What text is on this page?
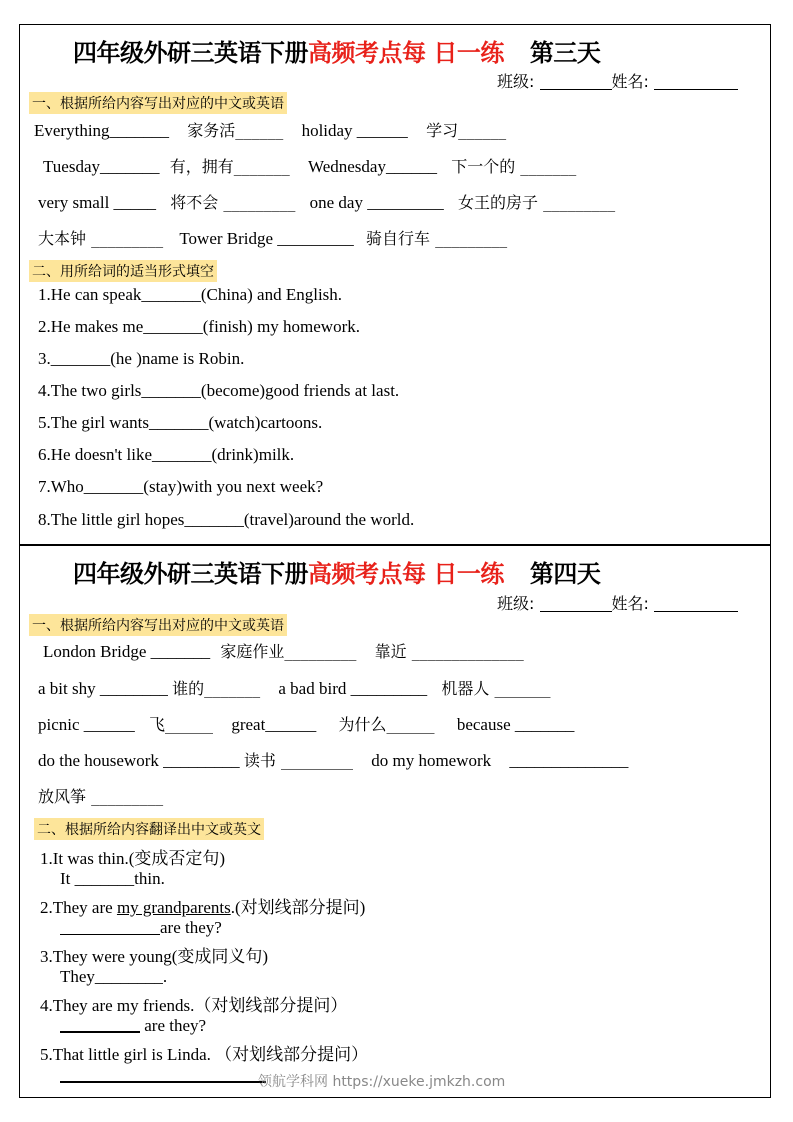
四年级外研三英语下册高频考点每 日一练 第三天
班级:	姓名:
一、根据所给内容写出对应的中文或英语
Everything_______ 家务活______ holiday ______ 学习______
Tuesday_______ 有，拥有_______ Wednesday______ 下一个的 _______
very small _____ 将不会 _________ one day _________ 女王的房子 _________
大本钟 _________ Tower Bridge _________ 骑自行车 _________
二、用所给词的适当形式填空
1.He can speak_______(China) and English.
2.He makes me_______(finish) my homework.
3._______(he )name is Robin.
4.The two girls_______(become)good friends at last.
5.The girl wants_______(watch)cartoons.
6.He doesn't like_______(drink)milk.
7.Who_______(stay)with you next week?
8.The little girl hopes_______(travel)around the world.
四年级外研三英语下册高频考点每 日一练 第四天
班级:	姓名:
一、根据所给内容写出对应的中文或英语
London Bridge _______ 家庭作业_________ 靠近 ______________
a bit shy ________ 谁的_______ a bad bird _________ 机器人 _______
picnic ______ 飞______ great______ 为什么______ because _______
do the housework _________ 读书 _________ do my homework ______________
放风筝 _________
二、根据所给内容翻译出中文或英文
1.It was thin.(变成否定句)
It _______thin.
2.They are my grandparents.(对划线部分提问)
are they?
3.They were young(变成同义句)
They________.
4.They are my friends.（对划线部分提问）
are they?
5.That little girl is Linda. （对划线部分提问）
领航学科网 https://xueke.jmkzh.com
